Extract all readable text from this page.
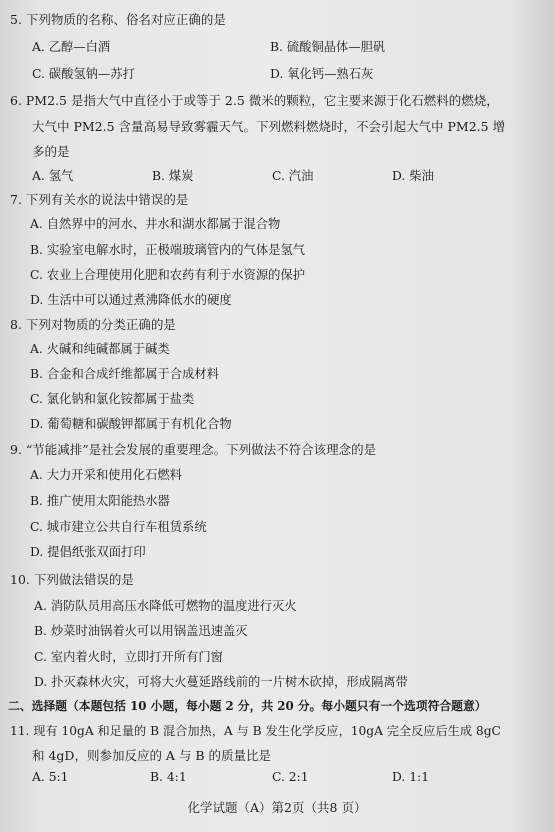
5. 下列物质的名称、俗名对应正确的是
A. 乙醇—白酒	B. 硫酸铜晶体—胆矾
C. 碳酸氢钠—苏打	D. 氧化钙—熟石灰
6. PM2.5 是指大气中直径小于或等于 2.5 微米的颗粒，它主要来源于化石燃料的燃烧，
大气中 PM2.5 含量高易导致雾霾天气。下列燃料燃烧时，不会引起大气中 PM2.5 增
多的是
A. 氢气	B. 煤炭	C. 汽油	D. 柴油
7. 下列有关水的说法中错误的是
A. 自然界中的河水、井水和湖水都属于混合物
B. 实验室电解水时，正极端玻璃管内的气体是氢气
C. 农业上合理使用化肥和农药有利于水资源的保护
D. 生活中可以通过煮沸降低水的硬度
8. 下列对物质的分类正确的是
A. 火碱和纯碱都属于碱类
B. 合金和合成纤维都属于合成材料
C. 氯化钠和氯化铵都属于盐类
D. 葡萄糖和碳酸钾都属于有机化合物
9. “节能减排”是社会发展的重要理念。下列做法不符合该理念的是
A. 大力开采和使用化石燃料
B. 推广使用太阳能热水器
C. 城市建立公共自行车租赁系统
D. 提倡纸张双面打印
10. 下列做法错误的是
A. 消防队员用高压水降低可燃物的温度进行灭火
B. 炒菜时油锅着火可以用锅盖迅速盖灭
C. 室内着火时，立即打开所有门窗
D. 扑灭森林火灾，可将大火蔓延路线前的一片树木砍掉，形成隔离带
二、选择题（本题包括 10 小题，每小题 2 分，共 20 分。每小题只有一个选项符合题意）
11. 现有 10gA 和足量的 B 混合加热，A 与 B 发生化学反应，10gA 完全反应后生成 8gC
和 4gD，则参加反应的 A 与 B 的质量比是
A. 5:1	B. 4:1	C. 2:1	D. 1:1
化学试题（A）第2页（共8 页）
